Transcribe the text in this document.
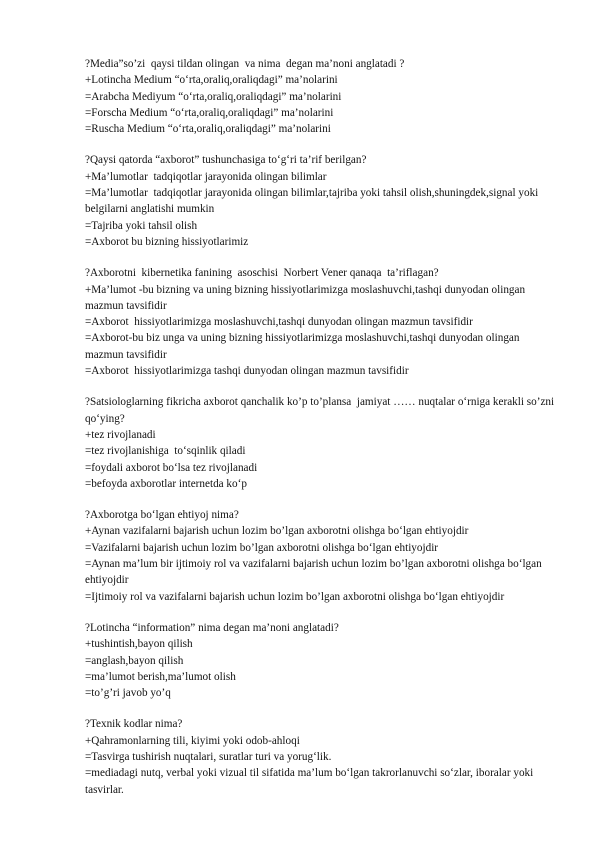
?Media”so’zi  qaysi tildan olingan  va nima  degan ma’noni anglatadi ?
+Lotincha Medium “o‘rta,oraliq,oraliqdagi” ma’nolarini
=Arabcha Mediyum “o‘rta,oraliq,oraliqdagi” ma’nolarini
=Forscha Medium “o‘rta,oraliq,oraliqdagi” ma’nolarini
=Ruscha Medium “o‘rta,oraliq,oraliqdagi” ma’nolarini
?Qaysi qatorda “axborot” tushunchasiga to‘g‘ri ta’rif berilgan?
+Ma’lumotlar  tadqiqotlar jarayonida olingan bilimlar
=Ma’lumotlar  tadqiqotlar jarayonida olingan bilimlar,tajriba yoki tahsil olish,shuningdek,signal yoki belgilarni anglatishi mumkin
=Tajriba yoki tahsil olish
=Axborot bu bizning hissiyotlarimiz
?Axborotni  kibernetika fanining  asoschisi  Norbert Vener qanaqa  ta’riflagan?
+Ma’lumot -bu bizning va uning bizning hissiyotlarimizga moslashuvchi,tashqi dunyodan olingan mazmun tavsifidir
=Axborot  hissiyotlarimizga moslashuvchi,tashqi dunyodan olingan mazmun tavsifidir
=Axborot-bu biz unga va uning bizning hissiyotlarimizga moslashuvchi,tashqi dunyodan olingan mazmun tavsifidir
=Axborot  hissiyotlarimizga tashqi dunyodan olingan mazmun tavsifidir
?Satsiologlarning fikricha axborot qanchalik ko’p to’plansa  jamiyat …… nuqtalar o‘rniga kerakli so’zni qo‘ying?
+tez rivojlanadi
=tez rivojlanishiga  to‘sqinlik qiladi
=foydali axborot bo‘lsa tez rivojlanadi
=befoyda axborotlar internetda ko‘p
?Axborotga bo‘lgan ehtiyoj nima?
+Aynan vazifalarni bajarish uchun lozim bo’lgan axborotni olishga bo‘lgan ehtiyojdir
=Vazifalarni bajarish uchun lozim bo’lgan axborotni olishga bo‘lgan ehtiyojdir
=Aynan ma’lum bir ijtimoiy rol va vazifalarni bajarish uchun lozim bo’lgan axborotni olishga bo‘lgan ehtiyojdir
=Ijtimoiy rol va vazifalarni bajarish uchun lozim bo’lgan axborotni olishga bo‘lgan ehtiyojdir
?Lotincha “information” nima degan ma’noni anglatadi?
+tushintish,bayon qilish
=anglash,bayon qilish
=ma’lumot berish,ma’lumot olish
=to’g’ri javob yo’q
?Texnik kodlar nima?
+Qahramonlarning tili, kiyimi yoki odob-ahloqi
=Tasvirga tushirish nuqtalari, suratlar turi va yorug‘lik.
=mediadagi nutq, verbal yoki vizual til sifatida ma’lum bo‘lgan takrorlanuvchi so‘zlar, iboralar yoki tasvirlar.
